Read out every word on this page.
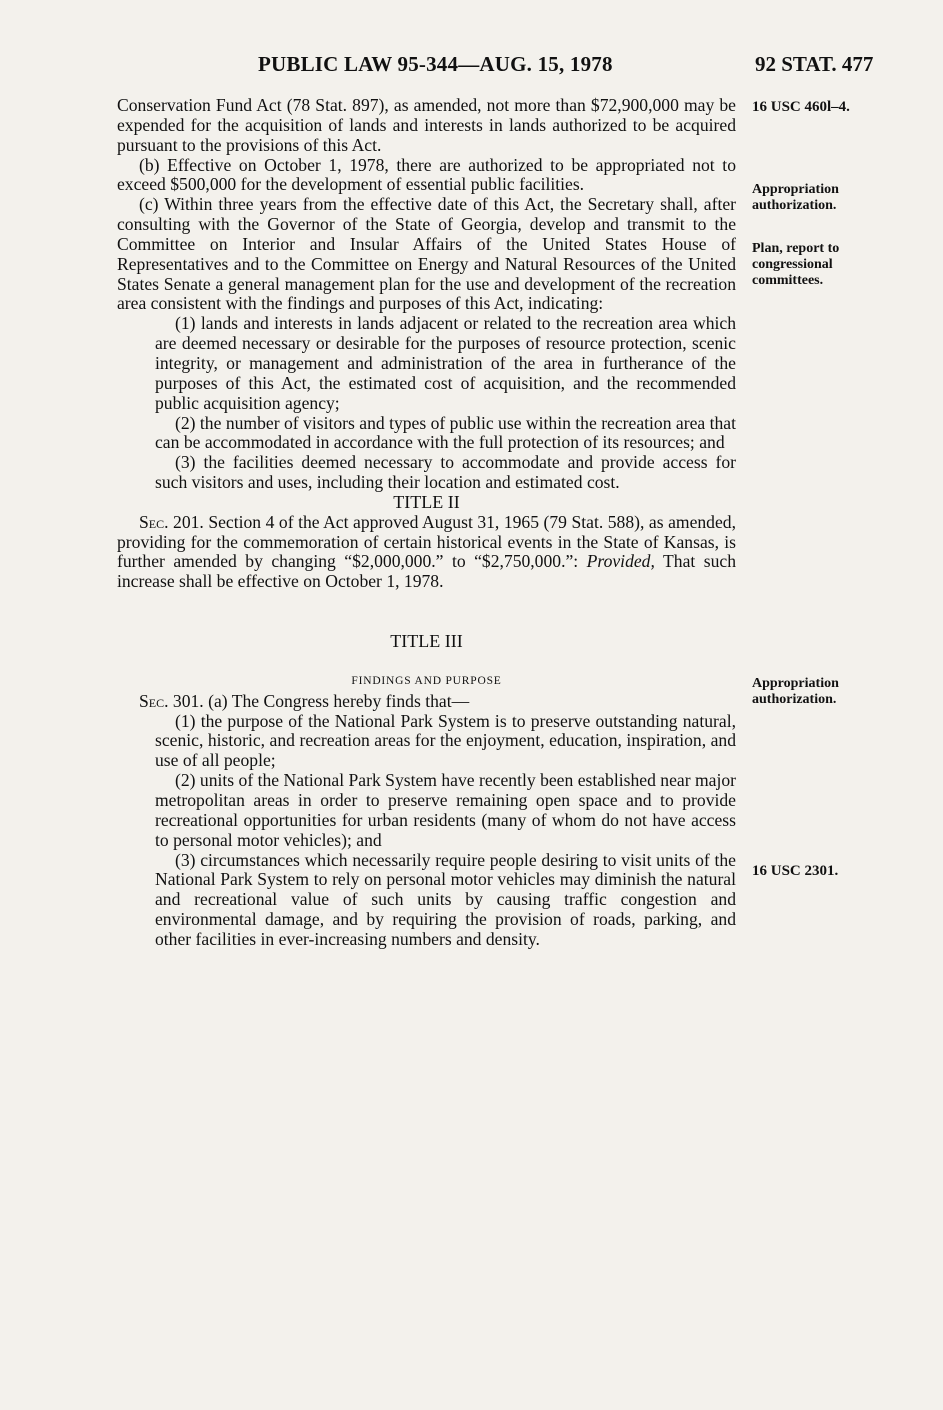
PUBLIC LAW 95-344—AUG. 15, 1978	92 STAT. 477
16 USC 460l–4.
Appropriation authorization.
Plan, report to congressional committees.
Appropriation authorization.
16 USC 2301.

Conservation Fund Act (78 Stat. 897), as amended, not more than $72,900,000 may be expended for the acquisition of lands and interests in lands authorized to be acquired pursuant to the provisions of this Act.

(b) Effective on October 1, 1978, there are authorized to be appropriated not to exceed $500,000 for the development of essential public facilities.

(c) Within three years from the effective date of this Act, the Secretary shall, after consulting with the Governor of the State of Georgia, develop and transmit to the Committee on Interior and Insular Affairs of the United States House of Representatives and to the Committee on Energy and Natural Resources of the United States Senate a general management plan for the use and development of the recreation area consistent with the findings and purposes of this Act, indicating:

(1) lands and interests in lands adjacent or related to the recreation area which are deemed necessary or desirable for the purposes of resource protection, scenic integrity, or management and administration of the area in furtherance of the purposes of this Act, the estimated cost of acquisition, and the recommended public acquisition agency;

(2) the number of visitors and types of public use within the recreation area that can be accommodated in accordance with the full protection of its resources; and

(3) the facilities deemed necessary to accommodate and provide access for such visitors and uses, including their location and estimated cost.

TITLE II

Sec. 201. Section 4 of the Act approved August 31, 1965 (79 Stat. 588), as amended, providing for the commemoration of certain historical events in the State of Kansas, is further amended by changing “$2,000,000.” to “$2,750,000.”: Provided, That such increase shall be effective on October 1, 1978.

TITLE III

FINDINGS AND PURPOSE

Sec. 301. (a) The Congress hereby finds that—

(1) the purpose of the National Park System is to preserve outstanding natural, scenic, historic, and recreation areas for the enjoyment, education, inspiration, and use of all people;

(2) units of the National Park System have recently been established near major metropolitan areas in order to preserve remaining open space and to provide recreational opportunities for urban residents (many of whom do not have access to personal motor vehicles); and

(3) circumstances which necessarily require people desiring to visit units of the National Park System to rely on personal motor vehicles may diminish the natural and recreational value of such units by causing traffic congestion and environmental damage, and by requiring the provision of roads, parking, and other facilities in ever-increasing numbers and density.
